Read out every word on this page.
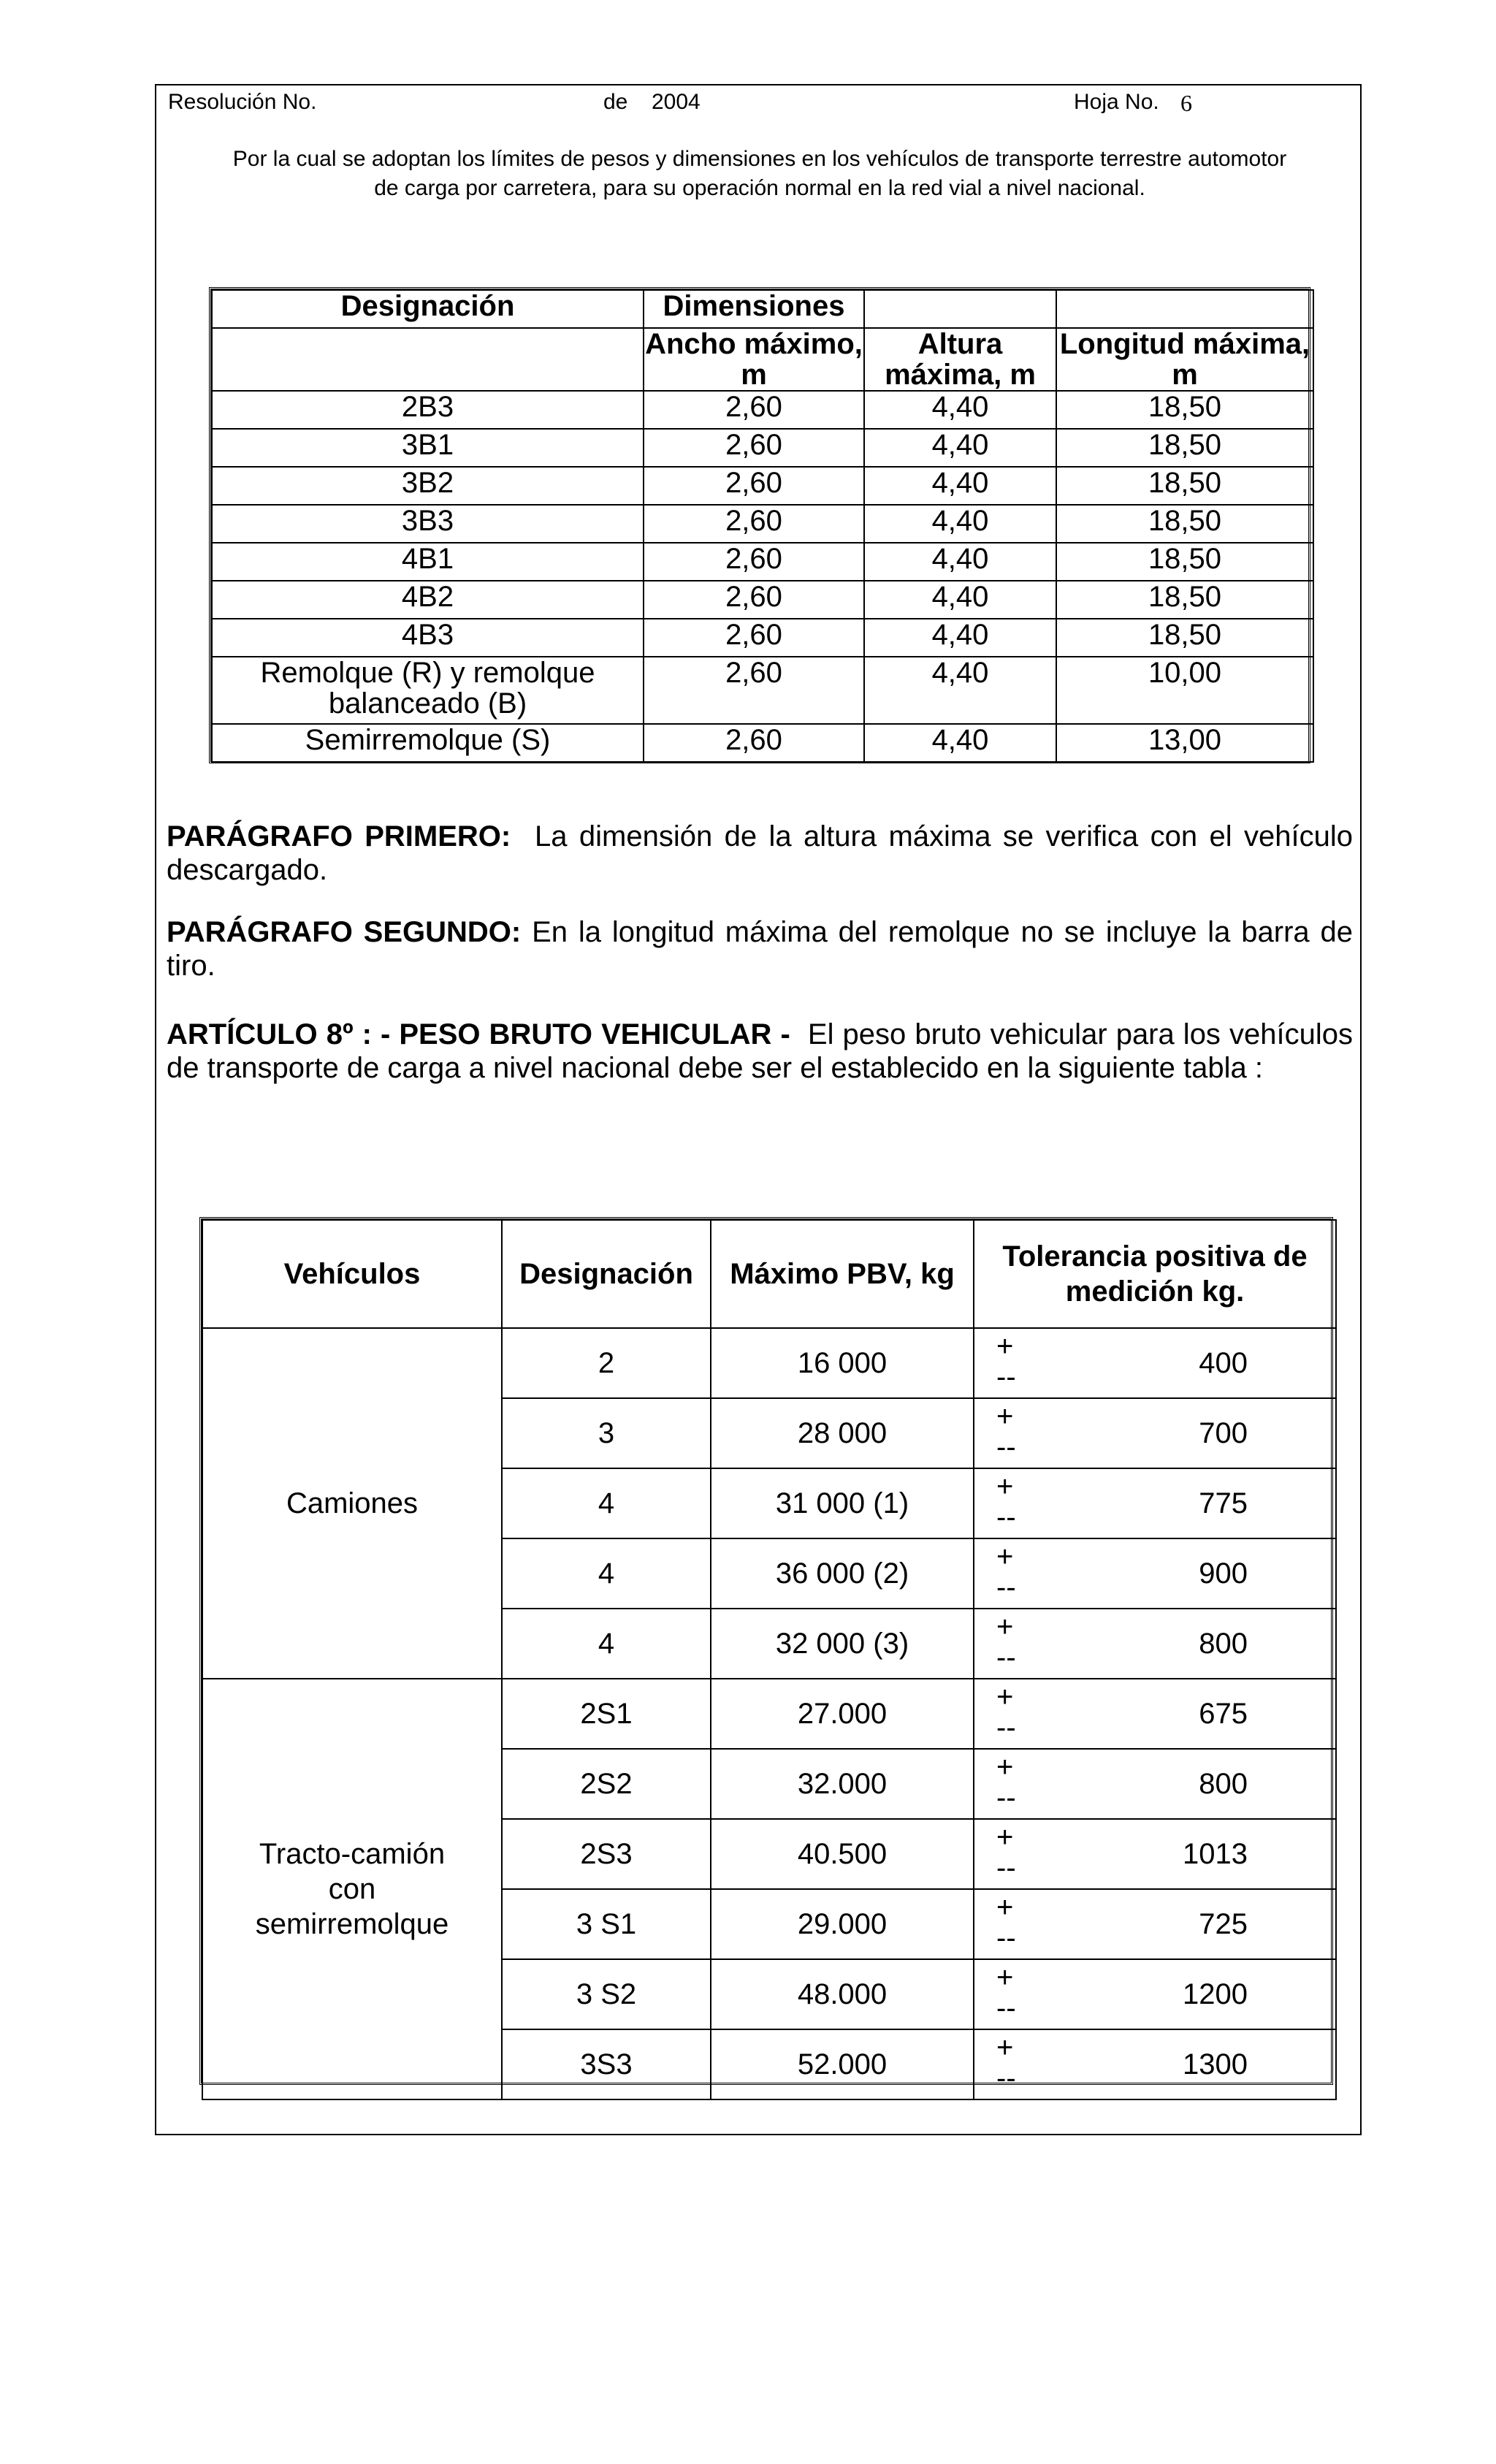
Resolución No.	de 2004	Hoja No. 6
Por la cual se adoptan los límites de pesos y dimensiones en los vehículos de transporte terrestre automotor
de carga por carretera, para su operación normal en la red vial a nivel nacional.
Designación	Dimensiones		
	Ancho máximo, m	Altura máxima, m	Longitud máxima, m
2B3	2,60	4,40	18,50
3B1	2,60	4,40	18,50
3B2	2,60	4,40	18,50
3B3	2,60	4,40	18,50
4B1	2,60	4,40	18,50
4B2	2,60	4,40	18,50
4B3	2,60	4,40	18,50
Remolque (R) y remolque balanceado (B)	2,60	4,40	10,00
Semirremolque (S)	2,60	4,40	13,00
PARÁGRAFO PRIMERO: La dimensión de la altura máxima se verifica con el vehículo descargado.
PARÁGRAFO SEGUNDO: En la longitud máxima del remolque no se incluye la barra de tiro.
ARTÍCULO 8º : - PESO BRUTO VEHICULAR - El peso bruto vehicular para los vehículos de transporte de carga a nivel nacional debe ser el establecido en la siguiente tabla :
Vehículos	Designación	Máximo PBV, kg	Tolerancia positiva de medición kg.
Camiones	2	16 000	+
-- 400

	3	28 000	+
-- 700

	4	31 000 (1)	+
-- 775

	4	36 000 (2)	+
-- 900

	4	32 000 (3)	+
-- 800

Tracto-camión con semirremolque	2S1	27.000	+
-- 675

	2S2	32.000	+
-- 800

	2S3	40.500	+
-- 1013

	3 S1	29.000	+
-- 725

	3 S2	48.000	+
-- 1200

	3S3	52.000	+
-- 1300
